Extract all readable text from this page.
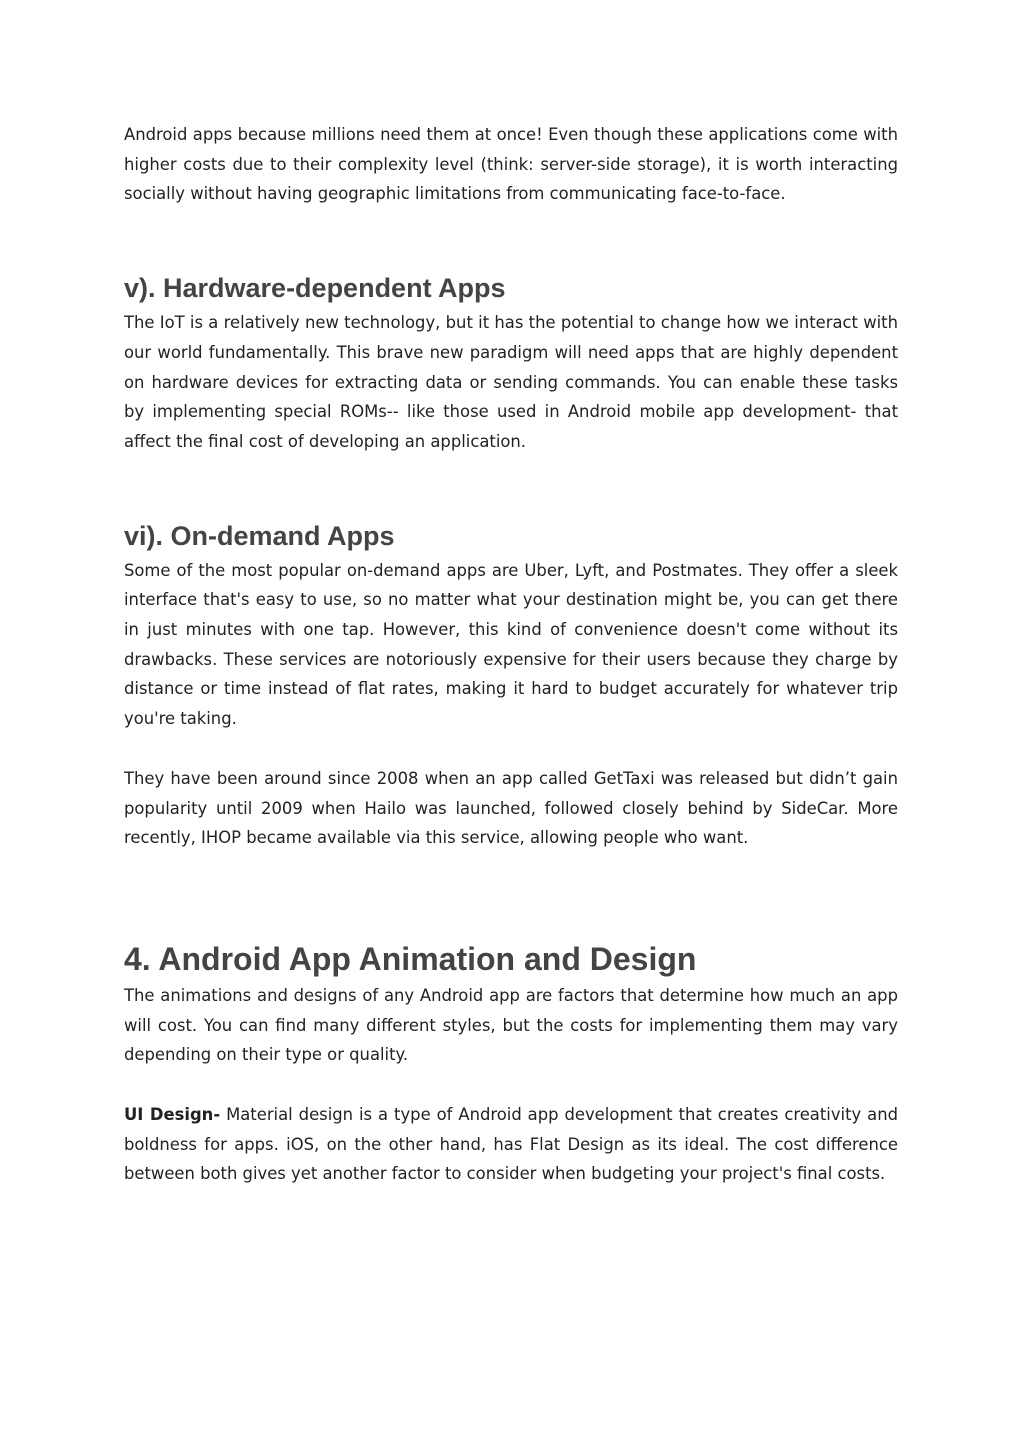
Android apps because millions need them at once! Even though these applications come with higher costs due to their complexity level (think: server-side storage), it is worth interacting socially without having geographic limitations from communicating face-to-face.

v). Hardware-dependent Apps

The IoT is a relatively new technology, but it has the potential to change how we interact with our world fundamentally. This brave new paradigm will need apps that are highly dependent on hardware devices for extracting data or sending commands. You can enable these tasks by implementing special ROMs-- like those used in Android mobile app development- that affect the final cost of developing an application.

vi). On-demand Apps

Some of the most popular on-demand apps are Uber, Lyft, and Postmates. They offer a sleek interface that's easy to use, so no matter what your destination might be, you can get there in just minutes with one tap. However, this kind of convenience doesn't come without its drawbacks. These services are notoriously expensive for their users because they charge by distance or time instead of flat rates, making it hard to budget accurately for whatever trip you're taking.

They have been around since 2008 when an app called GetTaxi was released but didn’t gain popularity until 2009 when Hailo was launched, followed closely behind by SideCar. More recently, IHOP became available via this service, allowing people who want.

4. Android App Animation and Design

The animations and designs of any Android app are factors that determine how much an app will cost. You can find many different styles, but the costs for implementing them may vary depending on their type or quality.

UI Design- Material design is a type of Android app development that creates creativity and boldness for apps. iOS, on the other hand, has Flat Design as its ideal. The cost difference between both gives yet another factor to consider when budgeting your project's final costs.
